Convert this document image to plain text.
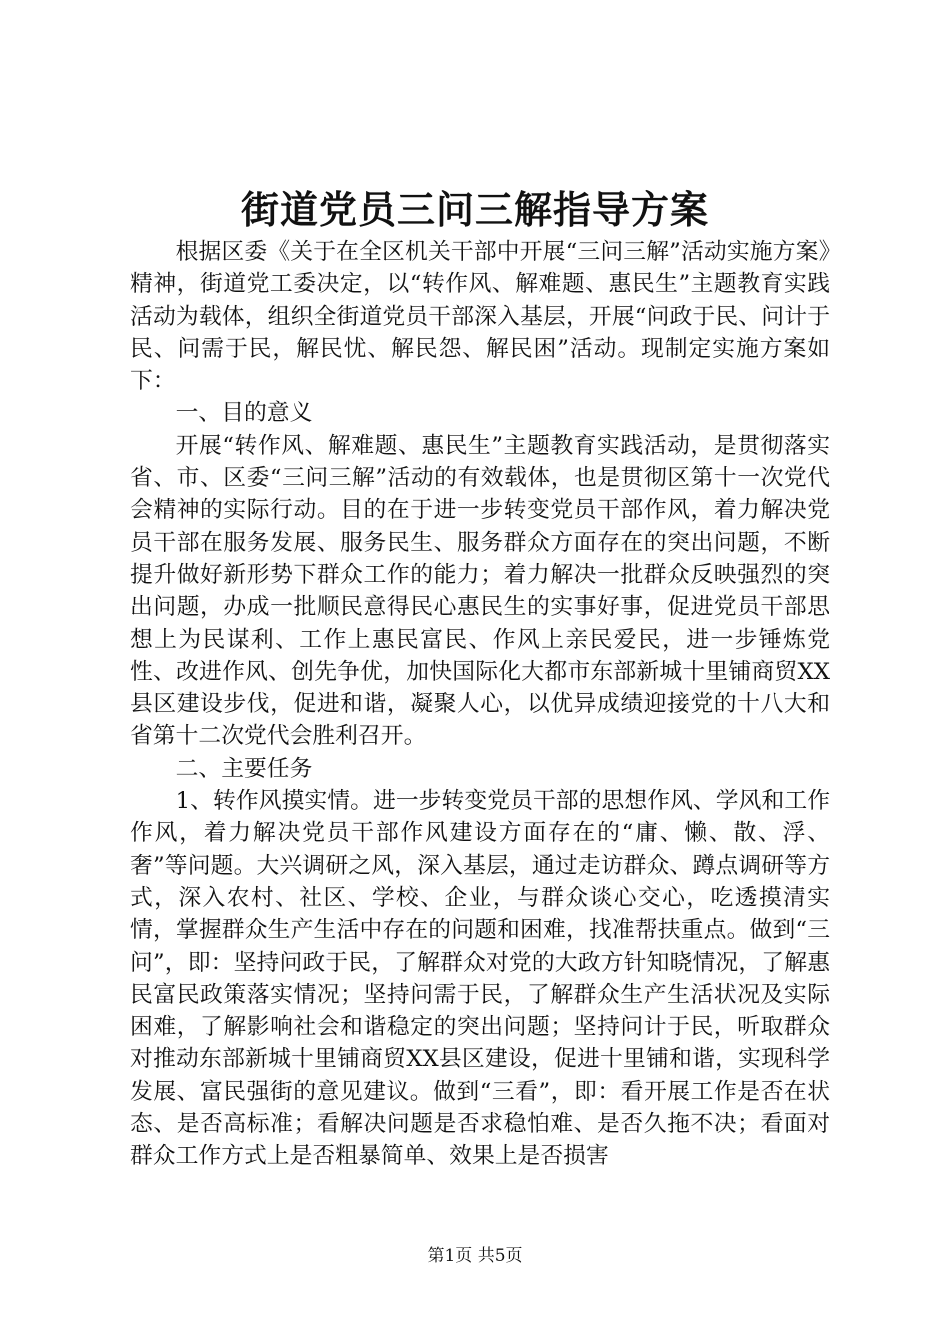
街道党员三问三解指导方案

根据区委《关于在全区机关干部中开展“三问三解”活动实施方案》精神，街道党工委决定，以“转作风、解难题、惠民生”主题教育实践活动为载体，组织全街道党员干部深入基层，开展“问政于民、问计于民、问需于民，解民忧、解民怨、解民困”活动。现制定实施方案如下：

一、目的意义

开展“转作风、解难题、惠民生”主题教育实践活动，是贯彻落实省、市、区委“三问三解”活动的有效载体，也是贯彻区第十一次党代会精神的实际行动。目的在于进一步转变党员干部作风，着力解决党员干部在服务发展、服务民生、服务群众方面存在的突出问题，不断提升做好新形势下群众工作的能力；着力解决一批群众反映强烈的突出问题，办成一批顺民意得民心惠民生的实事好事，促进党员干部思想上为民谋利、工作上惠民富民、作风上亲民爱民，进一步锤炼党性、改进作风、创先争优，加快国际化大都市东部新城十里铺商贸XX县区建设步伐，促进和谐，凝聚人心，以优异成绩迎接党的十八大和省第十二次党代会胜利召开。

二、主要任务

1、转作风摸实情。进一步转变党员干部的思想作风、学风和工作作风，着力解决党员干部作风建设方面存在的“庸、懒、散、浮、奢”等问题。大兴调研之风，深入基层，通过走访群众、蹲点调研等方式，深入农村、社区、学校、企业，与群众谈心交心，吃透摸清实情，掌握群众生产生活中存在的问题和困难，找准帮扶重点。做到“三问”，即：坚持问政于民，了解群众对党的大政方针知晓情况，了解惠民富民政策落实情况；坚持问需于民，了解群众生产生活状况及实际困难，了解影响社会和谐稳定的突出问题；坚持问计于民，听取群众对推动东部新城十里铺商贸XX县区建设，促进十里铺和谐，实现科学发展、富民强街的意见建议。做到“三看”，即：看开展工作是否在状态、是否高标准；看解决问题是否求稳怕难、是否久拖不决；看面对群众工作方式上是否粗暴简单、效果上是否损害

第1页 共5页
